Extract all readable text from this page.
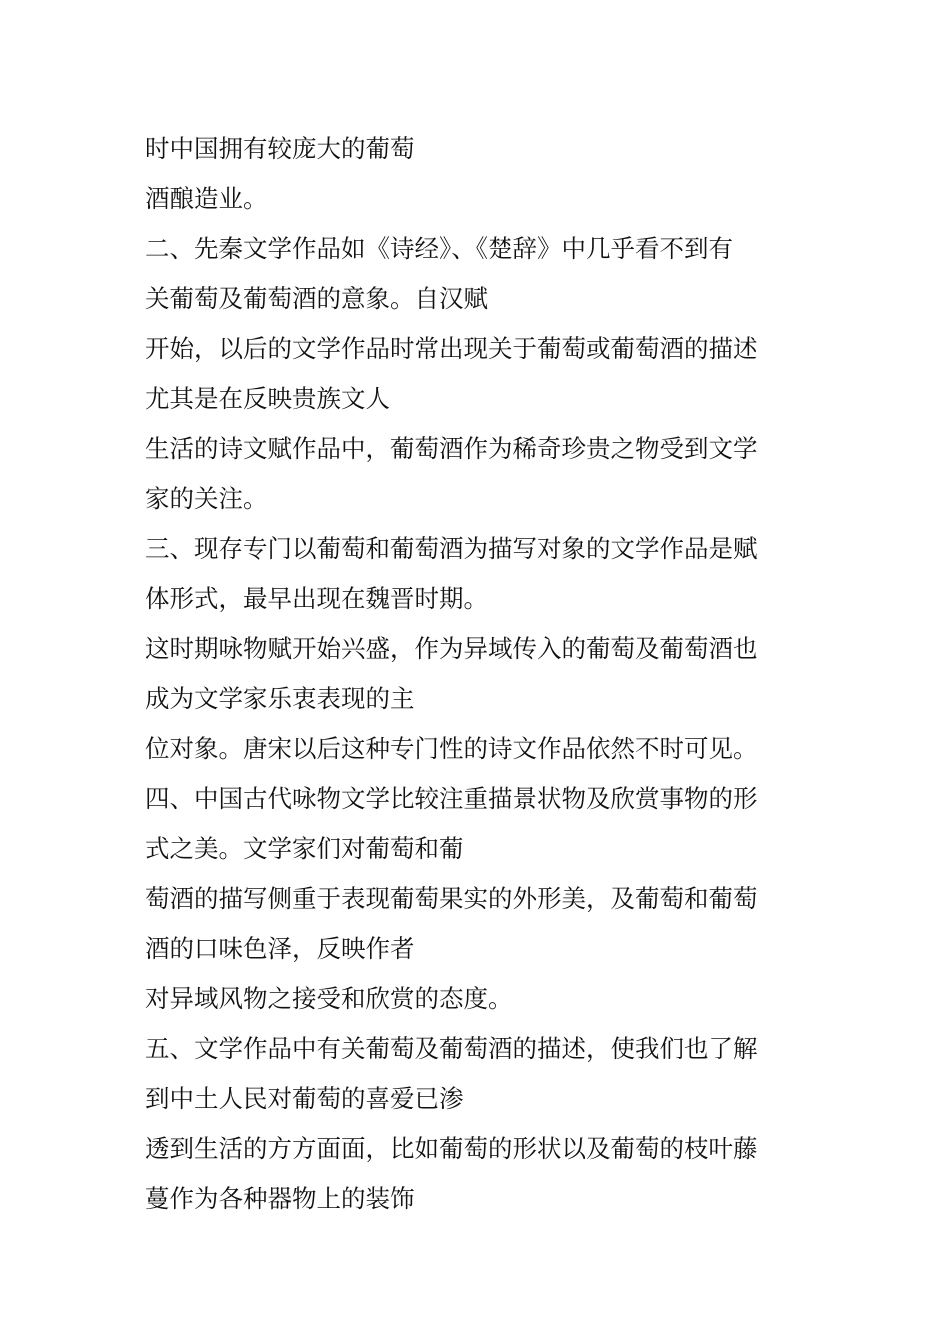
时中国拥有较庞大的葡萄
酒酿造业。
二、先秦文学作品如《诗经》、《楚辞》中几乎看不到有
关葡萄及葡萄酒的意象。自汉赋
开始，以后的文学作品时常出现关于葡萄或葡萄酒的描述
尤其是在反映贵族文人
生活的诗文赋作品中，葡萄酒作为稀奇珍贵之物受到文学
家的关注。
三、现存专门以葡萄和葡萄酒为描写对象的文学作品是赋
体形式，最早出现在魏晋时期。
这时期咏物赋开始兴盛，作为异域传入的葡萄及葡萄酒也
成为文学家乐衷表现的主
位对象。唐宋以后这种专门性的诗文作品依然不时可见。
四、中国古代咏物文学比较注重描景状物及欣赏事物的形
式之美。文学家们对葡萄和葡
萄酒的描写侧重于表现葡萄果实的外形美，及葡萄和葡萄
酒的口味色泽，反映作者
对异域风物之接受和欣赏的态度。
五、文学作品中有关葡萄及葡萄酒的描述，使我们也了解
到中土人民对葡萄的喜爱已渗
透到生活的方方面面，比如葡萄的形状以及葡萄的枝叶藤
蔓作为各种器物上的装饰
